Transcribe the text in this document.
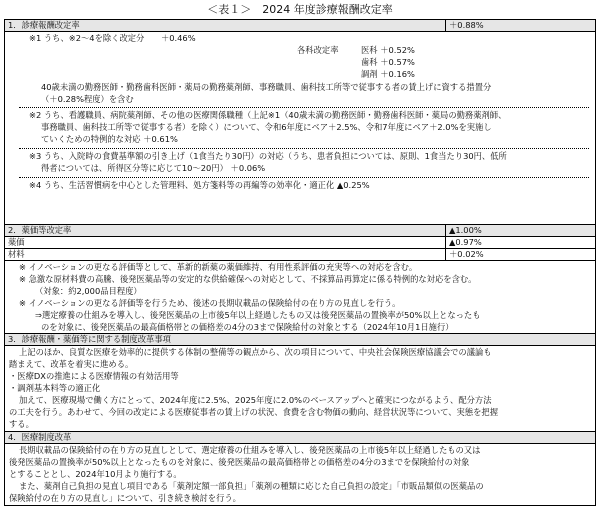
＜表１＞　2024 年度診療報酬改定率
1．診療報酬改定率	＋0.88%
※1 うち、※2～4を除く改定分　　＋0.46%
各科改定率	医科 ＋0.52%
歯科 ＋0.57%
調剤 ＋0.16%
40歳未満の勤務医師・勤務歯科医師・薬局の勤務薬剤師、事務職員、歯科技工所等で従事する者の賃上げに資する措置分
（＋0.28%程度）を含む
※2 うち、看護職員、病院薬剤師、その他の医療関係職種（上記※1（40歳未満の勤務医師・勤務歯科医師・薬局の勤務薬剤師、
事務職員、歯科技工所等で従事する者）を除く）について、令和6年度にベア＋2.5%、令和7年度にベア＋2.0%を実施し
ていくための特例的な対応 ＋0.61%
※3 うち、入院時の食費基準額の引き上げ（1食当たり30円）の対応（うち、患者負担については、原則、1食当たり30円、低所
得者については、所得区分等に応じて10～20円） ＋0.06%
※4 うち、生活習慣病を中心とした管理料、処方箋料等の再編等の効率化・適正化 ▲0.25%
2．薬価等改定率	▲1.00%
薬価	▲0.97%
材料	＋0.02%
※ イノベーションの更なる評価等として、革新的新薬の薬価維持、有用性系評価の充実等への対応を含む。
※ 急激な原材料費の高騰、後発医薬品等の安定的な供給確保への対応として、不採算品再算定に係る特例的な対応を含む。
（対象：約2,000品目程度）
※ イノベーションの更なる評価等を行うため、後述の長期収載品の保険給付の在り方の見直しを行う。
⇒選定療養の仕組みを導入し、後発医薬品の上市後5年以上経過したもの又は後発医薬品の置換率が50%以上となったも
のを対象に、後発医薬品の最高価格帯との価格差の4分の3まで保険給付の対象とする（2024年10月1日施行）
3．診療報酬・薬価等に関する制度改革事項
上記のほか、良質な医療を効率的に提供する体制の整備等の観点から、次の項目について、中央社会保険医療協議会での議論も
踏まえて、改革を着実に進める。
・医療DXの推進による医療情報の有効活用等
・調剤基本料等の適正化
加えて、医療現場で働く方にとって、2024年度に2.5%、2025年度に2.0%のベースアップへと確実につながるよう、配分方法
の工夫を行う。あわせて、今回の改定による医療従事者の賃上げの状況、食費を含む物価の動向、経営状況等について、実態を把握
する。
4．医療制度改革
長期収載品の保険給付の在り方の見直しとして、選定療養の仕組みを導入し、後発医薬品の上市後5年以上経過したもの又は
後発医薬品の置換率が50%以上となったものを対象に、後発医薬品の最高価格帯との価格差の4分の3までを保険給付の対象
とすることとし、2024年10月より施行する。
また、薬剤自己負担の見直し項目である「薬剤定額一部負担」「薬剤の種類に応じた自己負担の設定」「市販品類似の医薬品の
保険給付の在り方の見直し」について、引き続き検討を行う。
